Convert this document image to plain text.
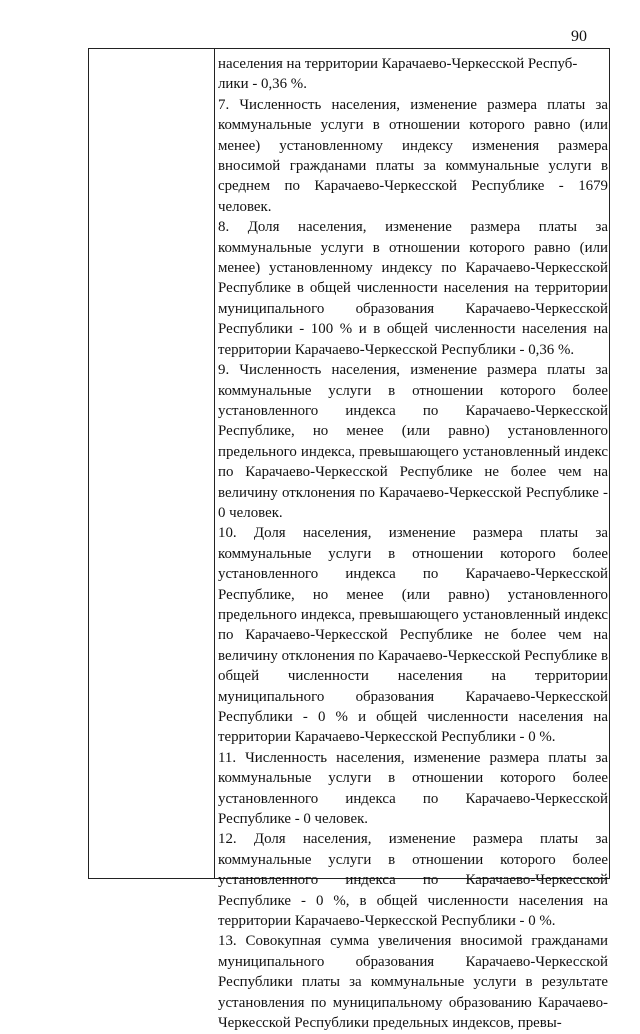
90

населения на территории Карачаево-Черкесской Респуб-
лики - 0,36 %.

7. Численность населения, изменение размера платы за коммунальные услуги в отношении которого равно (или менее) установленному индексу изменения размера вносимой гражданами платы за коммунальные услуги в среднем по Карачаево-Черкесской Республике - 1679 человек.

8. Доля населения, изменение размера платы за коммунальные услуги в отношении которого равно (или менее) установленному индексу по Карачаево-Черкесской Республике в общей численности населения на территории муниципального образования Карачаево-Черкесской Республики - 100 % и в общей численности населения на территории Карачаево-Черкесской Республики - 0,36 %.

9. Численность населения, изменение размера платы за коммунальные услуги в отношении которого более установленного индекса по Карачаево-Черкесской Республике, но менее (или равно) установленного предельного индекса, превышающего установленный индекс по Карачаево-Черкесской Республике не более чем на величину отклонения по Карачаево-Черкесской Республике - 0 человек.

10. Доля населения, изменение размера платы за коммунальные услуги в отношении которого более установленного индекса по Карачаево-Черкесской Республике, но менее (или равно) установленного предельного индекса, превышающего установленный индекс по Карачаево-Черкесской Республике не более чем на величину отклонения по Карачаево-Черкесской Республике в общей численности населения на территории муниципального образования Карачаево-Черкесской Республики - 0 % и общей численности населения на территории Карачаево-Черкесской Республики - 0 %.

11. Численность населения, изменение размера платы за коммунальные услуги в отношении которого более установленного индекса по Карачаево-Черкесской Республике - 0 человек.

12. Доля населения, изменение размера платы за коммунальные услуги в отношении которого более установленного индекса по Карачаево-Черкесской Республике - 0 %, в общей численности населения на территории Карачаево-Черкесской Республики - 0 %.

13. Совокупная сумма увеличения вносимой гражданами муниципального образования Карачаево-Черкесской Республики платы за коммунальные услуги в результате установления по муниципальному образованию Карачаево-Черкесской Республики предельных индексов, превы-
